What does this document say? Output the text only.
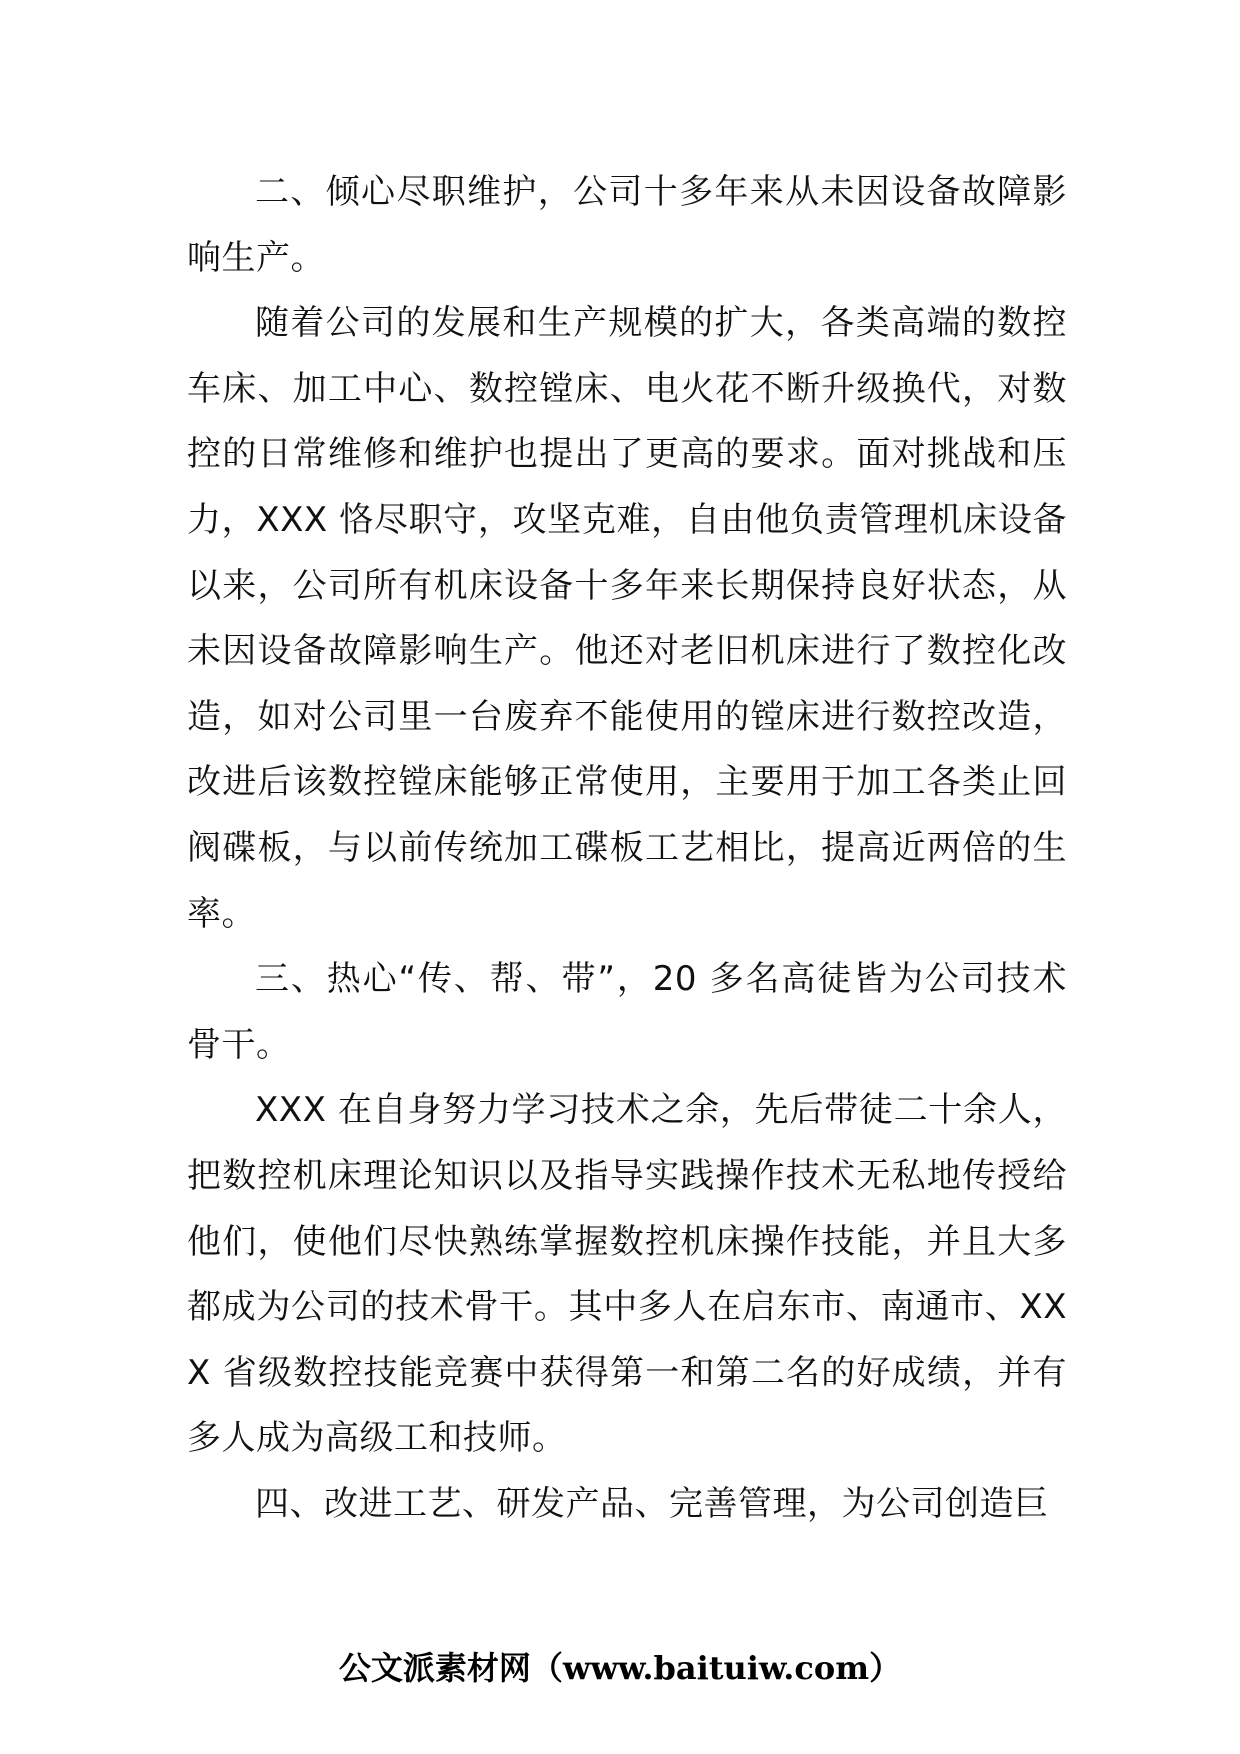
二、倾心尽职维护，公司十多年来从未因设备故障影响生产。

随着公司的发展和生产规模的扩大，各类高端的数控车床、加工中心、数控镗床、电火花不断升级换代，对数控的日常维修和维护也提出了更高的要求。面对挑战和压力，XXX 恪尽职守，攻坚克难，自由他负责管理机床设备以来，公司所有机床设备十多年来长期保持良好状态，从未因设备故障影响生产。他还对老旧机床进行了数控化改造，如对公司里一台废弃不能使用的镗床进行数控改造，改进后该数控镗床能够正常使用，主要用于加工各类止回阀碟板，与以前传统加工碟板工艺相比，提高近两倍的生率。

三、热心“传、帮、带”，20 多名高徒皆为公司技术骨干。

XXX 在自身努力学习技术之余，先后带徒二十余人，把数控机床理论知识以及指导实践操作技术无私地传授给他们，使他们尽快熟练掌握数控机床操作技能，并且大多都成为公司的技术骨干。其中多人在启东市、南通市、XXX 省级数控技能竞赛中获得第一和第二名的好成绩，并有多人成为高级工和技师。

四、改进工艺、研发产品、完善管理，为公司创造巨

公文派素材网（www.baituiw.com）
